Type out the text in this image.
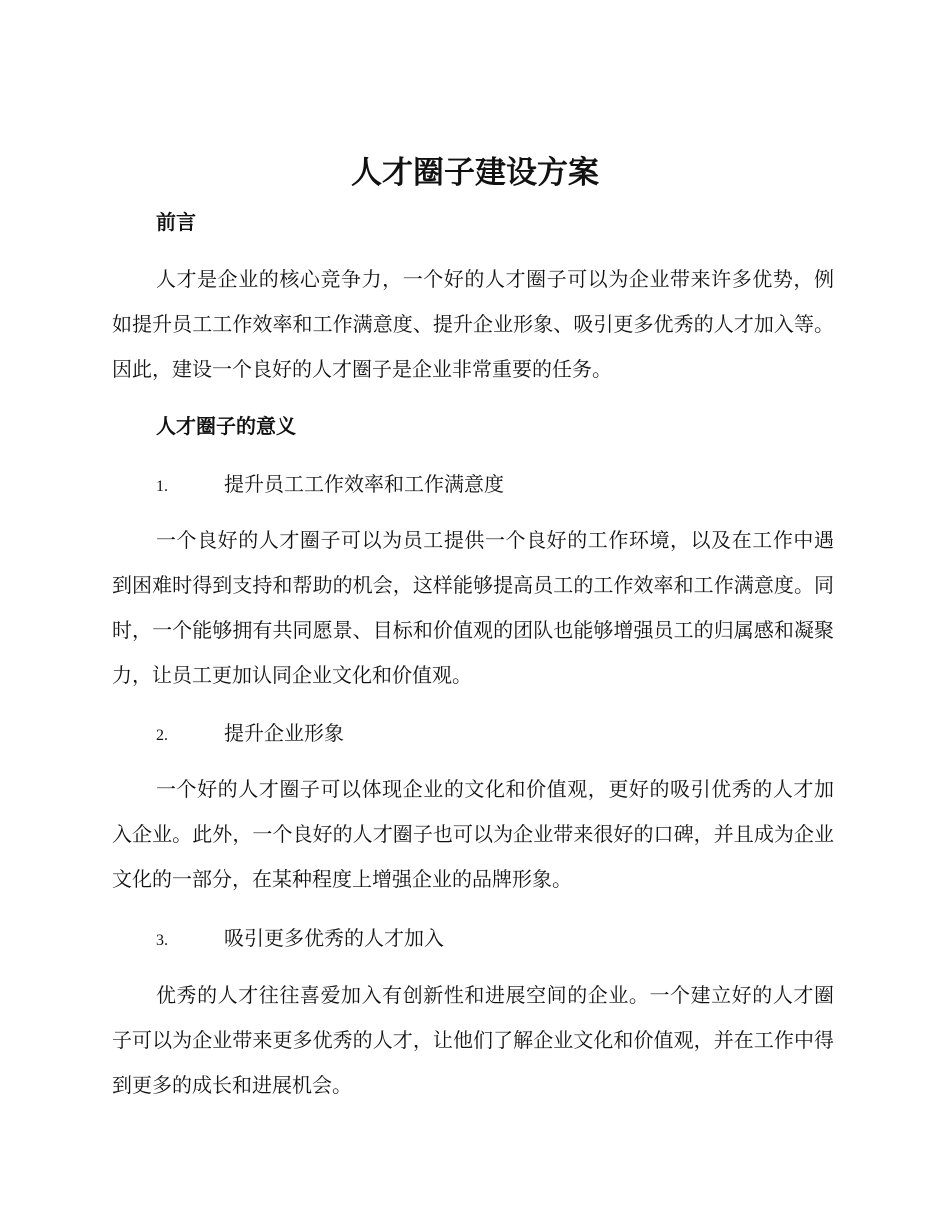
人才圈子建设方案
前言

人才是企业的核心竞争力，一个好的人才圈子可以为企业带来许多优势，例如提升员工工作效率和工作满意度、提升企业形象、吸引更多优秀的人才加入等。因此，建设一个良好的人才圈子是企业非常重要的任务。

人才圈子的意义
1.	提升员工工作效率和工作满意度

一个良好的人才圈子可以为员工提供一个良好的工作环境，以及在工作中遇到困难时得到支持和帮助的机会，这样能够提高员工的工作效率和工作满意度。同时，一个能够拥有共同愿景、目标和价值观的团队也能够增强员工的归属感和凝聚力，让员工更加认同企业文化和价值观。

2.	提升企业形象

一个好的人才圈子可以体现企业的文化和价值观，更好的吸引优秀的人才加入企业。此外，一个良好的人才圈子也可以为企业带来很好的口碑，并且成为企业文化的一部分，在某种程度上增强企业的品牌形象。

3.	吸引更多优秀的人才加入

优秀的人才往往喜爱加入有创新性和进展空间的企业。一个建立好的人才圈子可以为企业带来更多优秀的人才，让他们了解企业文化和价值观，并在工作中得到更多的成长和进展机会。
